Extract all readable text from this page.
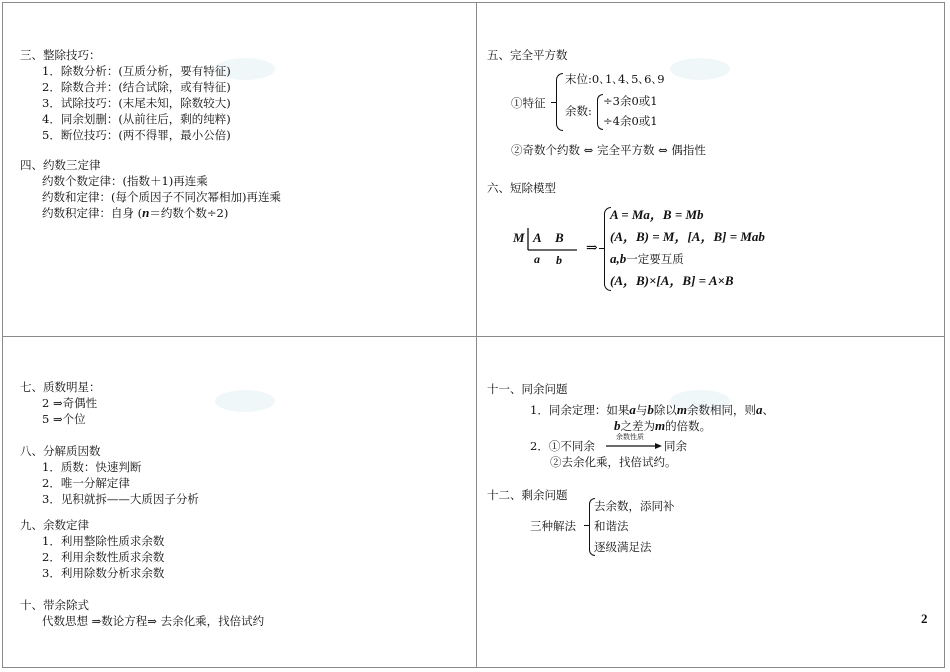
三、整除技巧：
1．除数分析：(互质分析，要有特征)
2．除数合并：(结合试除，或有特征)
3．试除技巧：(末尾未知，除数较大)
4．同余划删：(从前往后，剩的纯粹)
5．断位技巧：(两不得罪，最小公倍)
四、约数三定律
约数个数定律：(指数＋1)再连乘
约数和定律：(每个质因子不同次幂相加)再连乘
约数积定律：自身 (n＝约数个数÷2)
五、完全平方数
①特征
末位:0､1､4､5､6､9
余数:
÷3余0或1
÷4余0或1
②奇数个约数 ⇔ 完全平方数 ⇔ 偶指性
六、短除模型
M A B
a b
⇒
A = Ma，B = Mb
(A，B) = M，[A，B] = Mab
a,b一定要互质
(A，B)×[A，B] = A×B
七、质数明星：
2 ⇒奇偶性
5 ⇒个位
八、分解质因数
1．质数：快速判断
2．唯一分解定律
3．见积就拆——大质因子分析
九、余数定律
1．利用整除性质求余数
2．利用余数性质求余数
3．利用除数分析求余数
十、带余除式
代数思想 ⇒数论方程⇒ 去余化乘，找倍试约
十一、同余问题
1．同余定理：如果a与b除以m余数相同，则a、
b之差为m的倍数。
2．①不同余
余数性质
同余
②去余化乘，找倍试约。
十二、剩余问题
三种解法
去余数，添同补
和谐法
逐级满足法
2
